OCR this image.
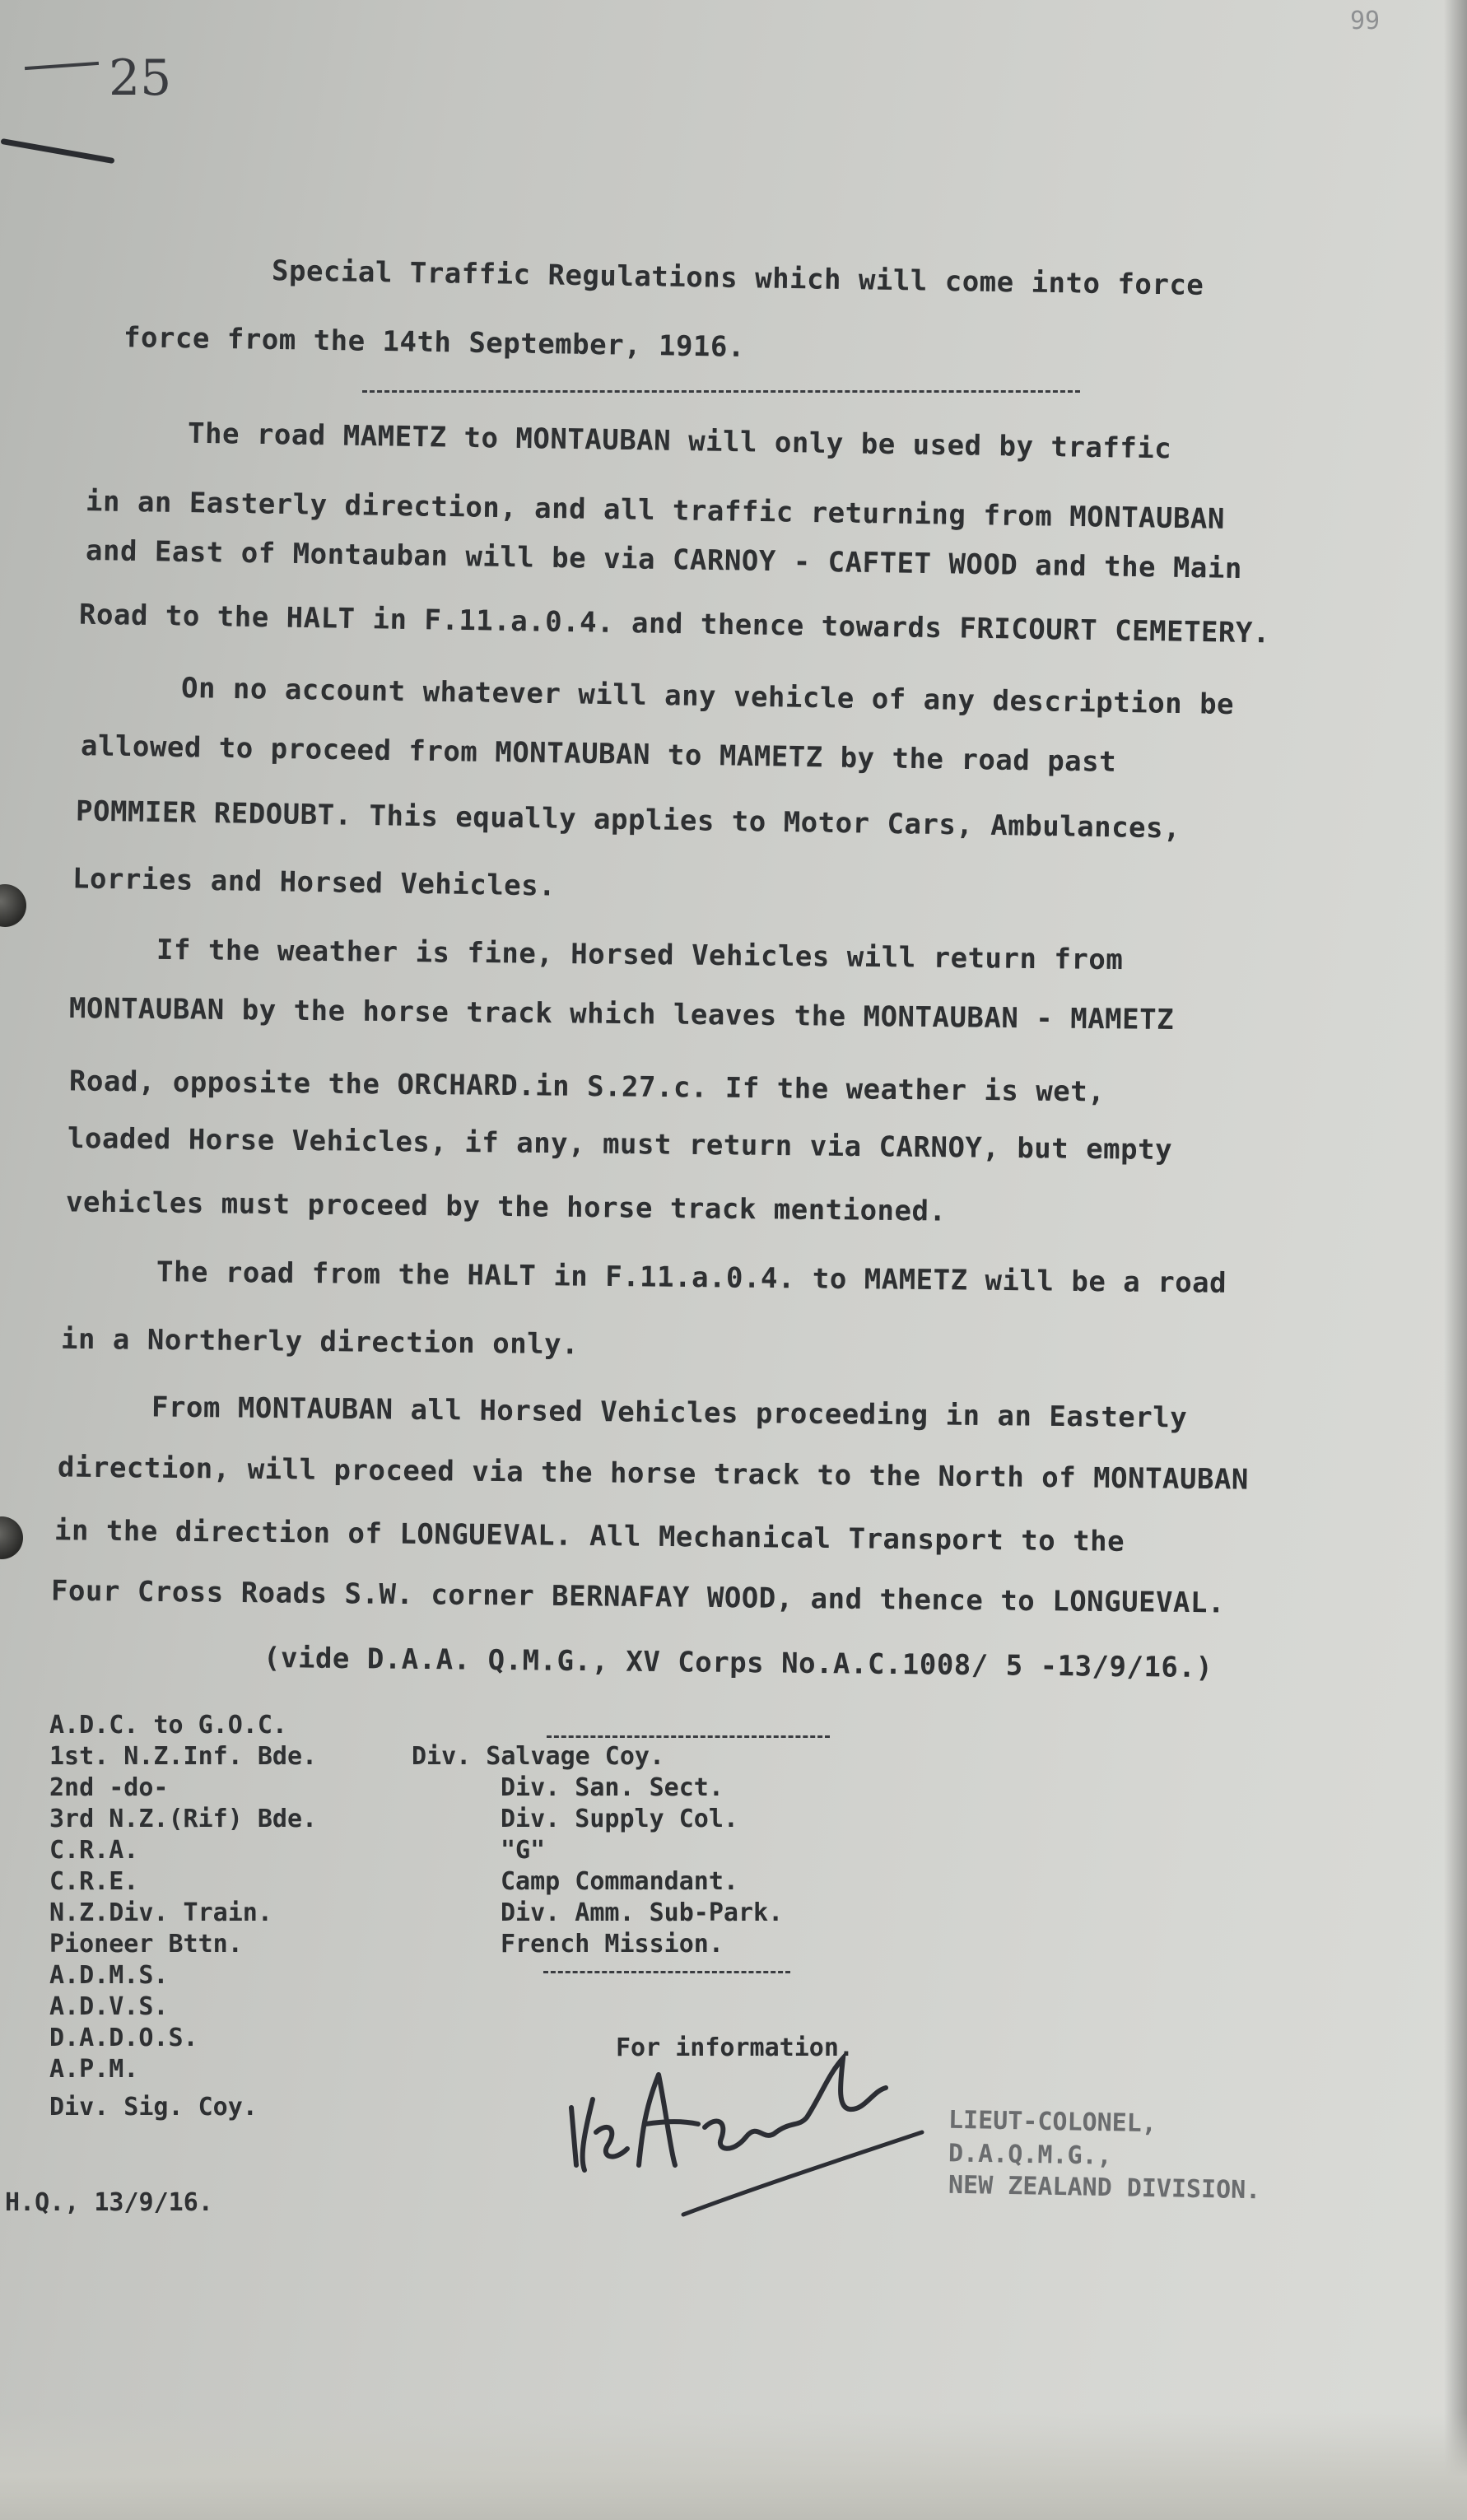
25
99
Special Traffic Regulations which will come into force
force from the 14th September, 1916.
The road MAMETZ to MONTAUBAN will only be used by traffic
in an Easterly direction, and all traffic returning from MONTAUBAN
and East of Montauban will be via CARNOY - CAFTET WOOD and the Main
Road to the HALT in F.11.a.0.4. and thence towards FRICOURT CEMETERY.
On no account whatever will any vehicle of any description be
allowed to proceed from MONTAUBAN to MAMETZ by the road past
POMMIER REDOUBT. This equally applies to Motor Cars, Ambulances,
Lorries and Horsed Vehicles.
If the weather is fine, Horsed Vehicles will return from
MONTAUBAN by the horse track which leaves the MONTAUBAN - MAMETZ
Road, opposite the ORCHARD.in S.27.c. If the weather is wet,
loaded Horse Vehicles, if any, must return via CARNOY, but empty
vehicles must proceed by the horse track mentioned.
The road from the HALT in F.11.a.0.4. to MAMETZ will be a road
in a Northerly direction only.
From MONTAUBAN all Horsed Vehicles proceeding in an Easterly
direction, will proceed via the horse track to the North of MONTAUBAN
in the direction of LONGUEVAL. All Mechanical Transport to the
Four Cross Roads S.W. corner BERNAFAY WOOD, and thence to LONGUEVAL.
(vide D.A.A. Q.M.G., XV Corps No.A.C.1008/ 5 -13/9/16.)
A.D.C. to G.O.C.
1st. N.Z.Inf. Bde.
2nd -do-
3rd N.Z.(Rif) Bde.
C.R.A.
C.R.E.
N.Z.Div. Train.
Pioneer Bttn.
A.D.M.S.
A.D.V.S.
D.A.D.O.S.
A.P.M.
Div. Sig. Coy.
Div. Salvage Coy.
Div. San. Sect.
Div. Supply Col.
"G"
Camp Commandant.
Div. Amm. Sub-Park.
French Mission.
For information.
LIEUT-COLONEL,
D.A.Q.M.G.,
NEW ZEALAND DIVISION.
H.Q., 13/9/16.
